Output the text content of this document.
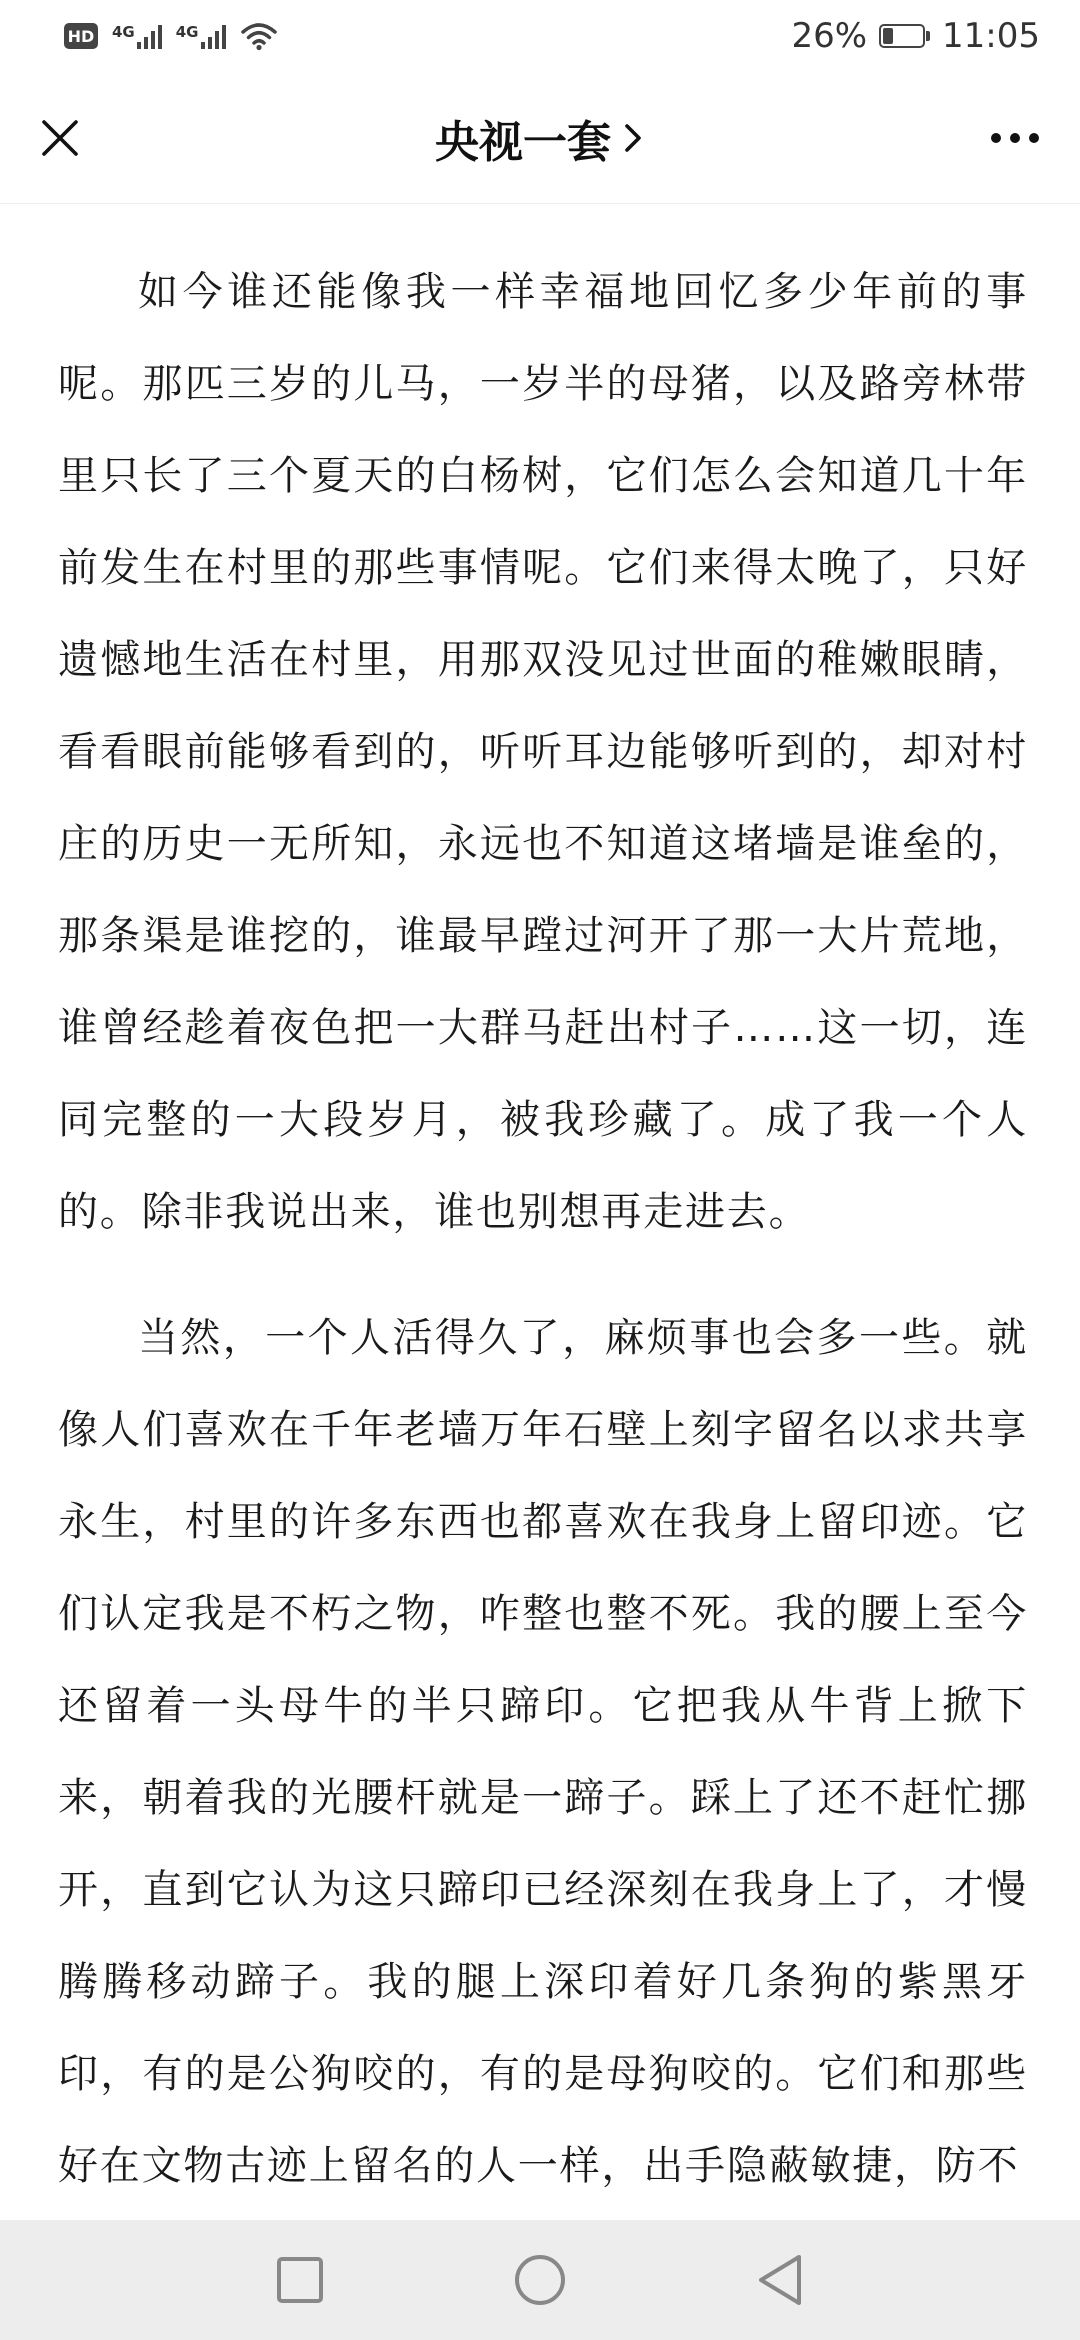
HD 4G	4G	26% 11:05
央视一套

如今谁还能像我一样幸福地回忆多少年前的事呢。那匹三岁的儿马，一岁半的母猪，以及路旁林带里只长了三个夏天的白杨树，它们怎么会知道几十年前发生在村里的那些事情呢。它们来得太晚了，只好遗憾地生活在村里，用那双没见过世面的稚嫩眼睛，看看眼前能够看到的，听听耳边能够听到的，却对村庄的历史一无所知，永远也不知道这堵墙是谁垒的，那条渠是谁挖的，谁最早蹚过河开了那一大片荒地，谁曾经趁着夜色把一大群马赶出村子……这一切，连同完整的一大段岁月，被我珍藏了。成了我一个人的。除非我说出来，谁也别想再走进去。

当然，一个人活得久了，麻烦事也会多一些。就像人们喜欢在千年老墙万年石壁上刻字留名以求共享永生，村里的许多东西也都喜欢在我身上留印迹。它们认定我是不朽之物，咋整也整不死。我的腰上至今还留着一头母牛的半只蹄印。它把我从牛背上掀下来，朝着我的光腰杆就是一蹄子。踩上了还不赶忙挪开，直到它认为这只蹄印已经深刻在我身上了，才慢腾腾移动蹄子。我的腿上深印着好几条狗的紫黑牙印，有的是公狗咬的，有的是母狗咬的。它们和那些好在文物古迹上留名的人一样，出手隐蔽敏捷，防不
